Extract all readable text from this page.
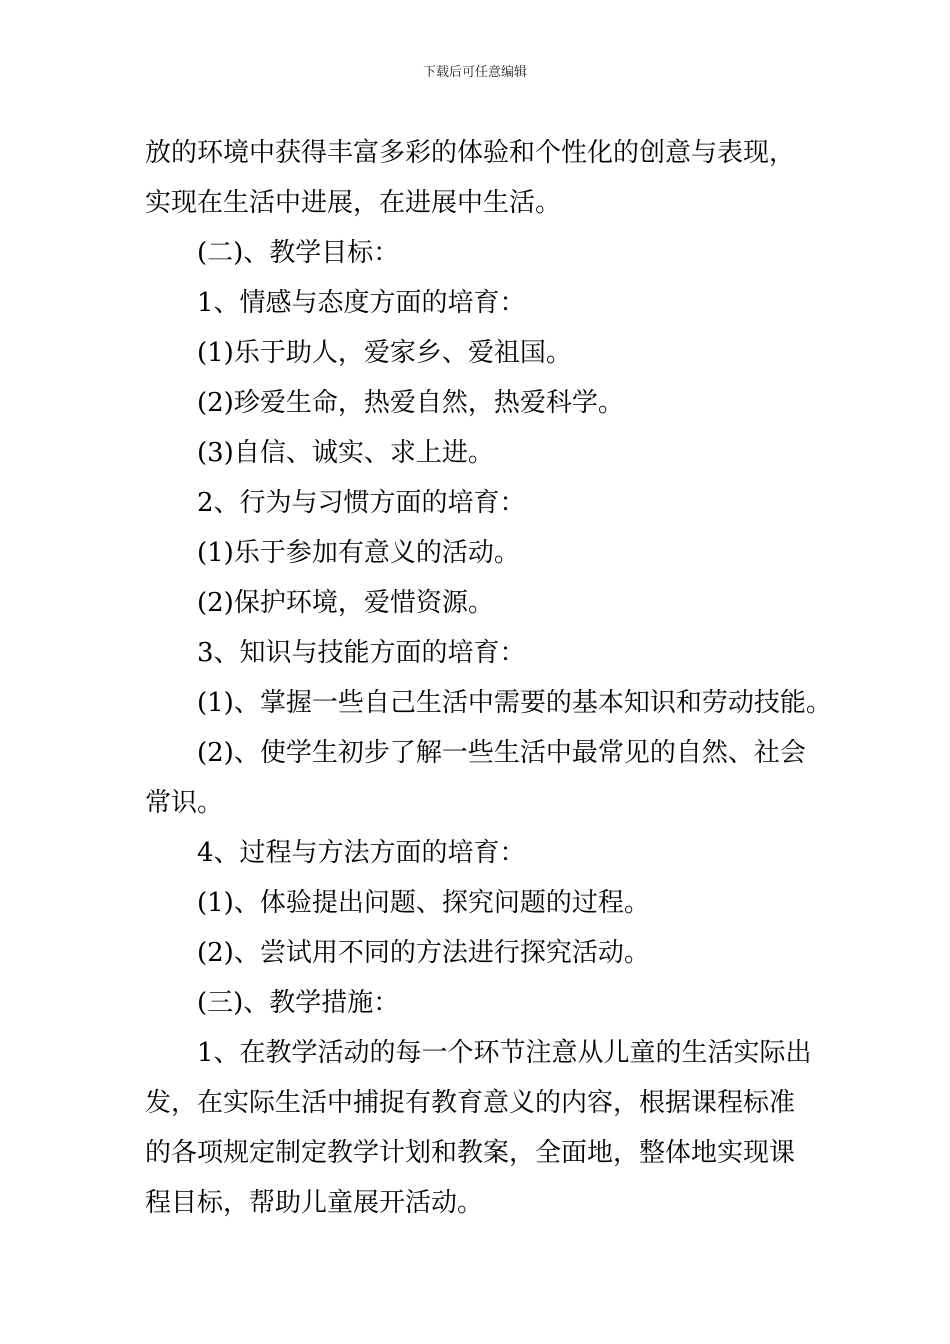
下载后可任意编辑
放的环境中获得丰富多彩的体验和个性化的创意与表现，
实现在生活中进展，在进展中生活。
(二)、教学目标：
1、情感与态度方面的培育：
(1)乐于助人，爱家乡、爱祖国。
(2)珍爱生命，热爱自然，热爱科学。
(3)自信、诚实、求上进。
2、行为与习惯方面的培育：
(1)乐于参加有意义的活动。
(2)保护环境，爱惜资源。
3、知识与技能方面的培育：
(1)、掌握一些自己生活中需要的基本知识和劳动技能。
(2)、使学生初步了解一些生活中最常见的自然、社会
常识。
4、过程与方法方面的培育：
(1)、体验提出问题、探究问题的过程。
(2)、尝试用不同的方法进行探究活动。
(三)、教学措施：
1、在教学活动的每一个环节注意从儿童的生活实际出
发，在实际生活中捕捉有教育意义的内容，根据课程标准
的各项规定制定教学计划和教案，全面地，整体地实现课
程目标，帮助儿童展开活动。
